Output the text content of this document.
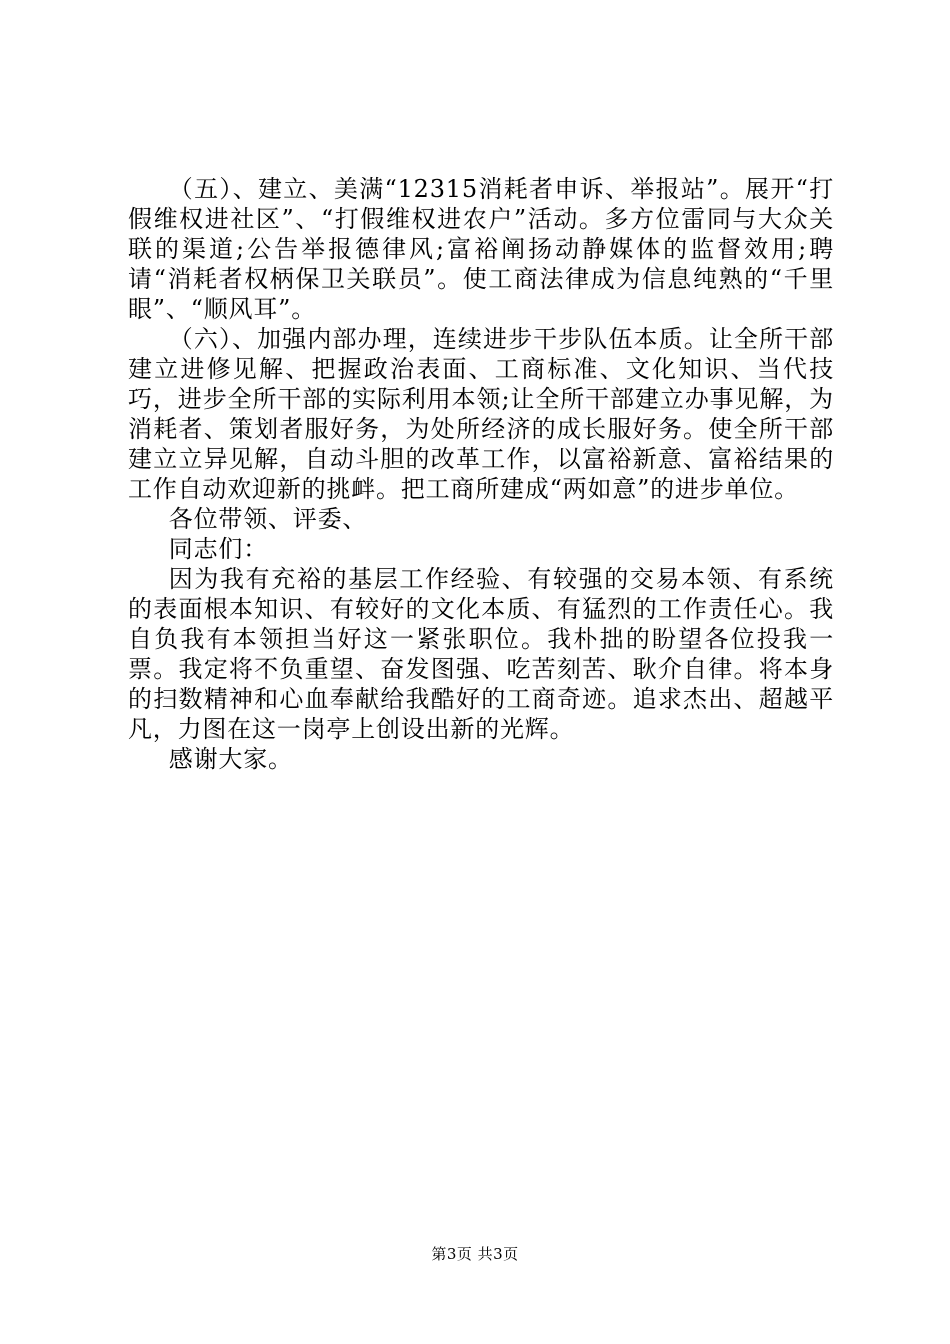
（五）、建立、美满“12315消耗者申诉、举报站”。展开“打假维权进社区”、“打假维权进农户”活动。多方位雷同与大众关联的渠道;公告举报德律风;富裕阐扬动静媒体的监督效用;聘请“消耗者权柄保卫关联员”。使工商法律成为信息纯熟的“千里眼”、“顺风耳”。

（六）、加强内部办理，连续进步干步队伍本质。让全所干部建立进修见解、把握政治表面、工商标准、文化知识、当代技巧，进步全所干部的实际利用本领;让全所干部建立办事见解，为消耗者、策划者服好务，为处所经济的成长服好务。使全所干部建立立异见解，自动斗胆的改革工作，以富裕新意、富裕结果的工作自动欢迎新的挑衅。把工商所建成“两如意”的进步单位。

各位带领、评委、

同志们：

因为我有充裕的基层工作经验、有较强的交易本领、有系统的表面根本知识、有较好的文化本质、有猛烈的工作责任心。我自负我有本领担当好这一紧张职位。我朴拙的盼望各位投我一票。我定将不负重望、奋发图强、吃苦刻苦、耿介自律。将本身的扫数精神和心血奉献给我酷好的工商奇迹。追求杰出、超越平凡，力图在这一岗亭上创设出新的光辉。

感谢大家。

第3页 共3页
